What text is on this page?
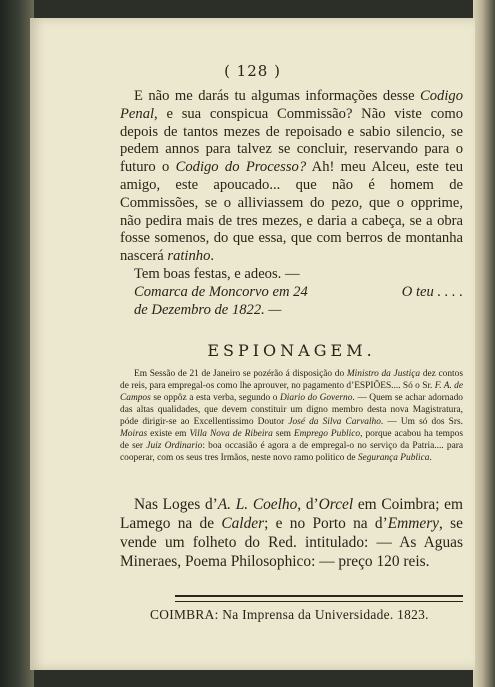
( 128 )

E não me darás tu algumas informações desse Codigo Penal, e sua conspicua Commissão? Não viste como depois de tantos mezes de repoisado e sabio silencio, se pedem annos para talvez se concluir, reservando para o futuro o Codigo do Processo? Ah! meu Alceu, este teu amigo, este apoucado... que não é homem de Commissões, se o alliviassem do pezo, que o opprime, não pedira mais de tres mezes, e daria a cabeça, se a obra fosse somenos, do que essa, que com berros de montanha nascerá ratinho.

Tem boas festas, e adeos. —

Comarca de Moncorvo em 24	O teu . . . .
de Dezembro de 1822. —
ESPIONAGEM.

Em Sessão de 21 de Janeiro se pozérão á disposição do Ministro da Justiça dez contos de reis, para empregal-os como lhe aprouver, no pagamento d’ESPIÕES.... Só o Sr. F. A. de Campos se oppôz a esta verba, segundo o Diario do Governo. — Quem se achar adornado das altas qualidades, que devem constituir um digno membro desta nova Magistratura, póde dirigir-se ao Excellentissimo Doutor José da Silva Carvalho. — Um só dos Srs. Moiras existe em Villa Nova de Ribeira sem Emprego Publico, porque acabou ha tempos de ser Juiz Ordinario: boa occasião é agora a de empregal-o no serviço da Patria.... para cooperar, com os seus tres Irmãos, neste novo ramo politico de Segurança Publica.

Nas Loges d’A. L. Coelho, d’Orcel em Coimbra; em Lamego na de Calder; e no Porto na d’Emmery, se vende um folheto do Red. intitulado: — As Aguas Mineraes, Poema Philosophico: — preço 120 reis.

COIMBRA: Na Imprensa da Universidade. 1823.
